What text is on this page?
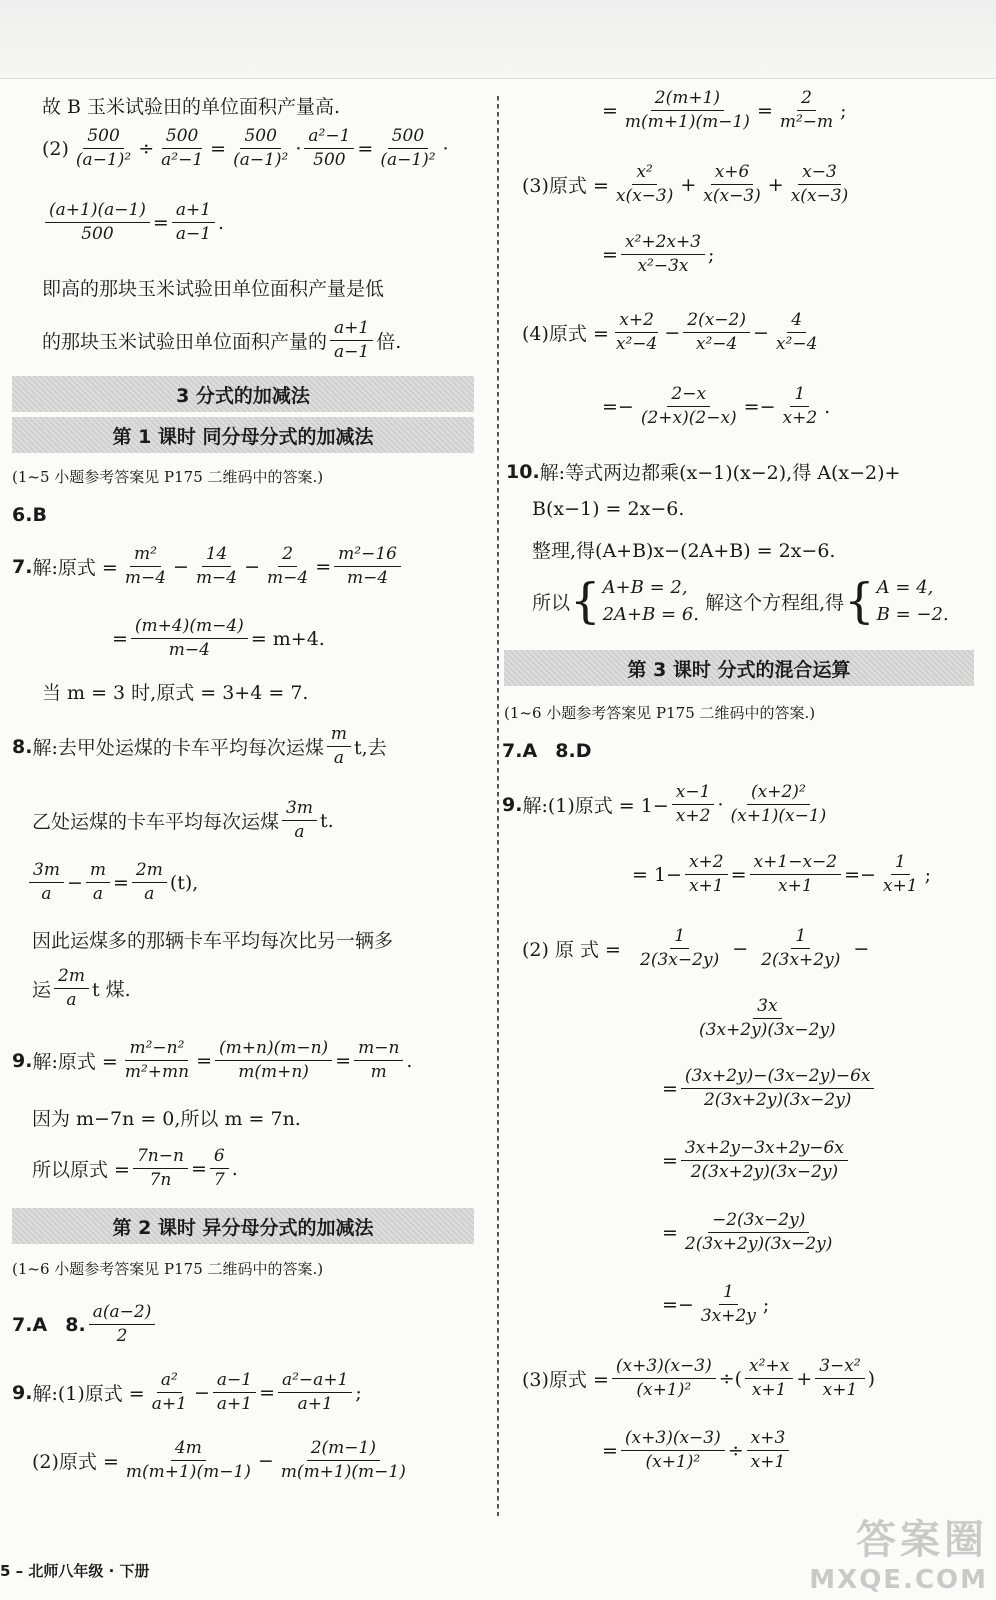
故 B 玉米试验田的单位面积产量高.
$(2) \frac{500}{\text{(a−1)²}} \div \frac{500}{\text{a²−1}} = \frac{500}{\text{(a−1)²}} \cdot \frac{\text{a²−1}}{500} = \frac{500}{\text{(a−1)²}}$ ·
$\frac{(a+1)(a-1)}{500} = \frac{a+1}{a-1}$ .
即高的那块玉米试验田单位面积产量是低
的那块玉米试验田单位面积产量的 $\frac{a+1}{a-1}$ 倍.
3 分式的加减法
第 1 课时 同分母分式的加减法
(1~5 小题参考答案见 P175 二维码中的答案.)
6.B
7. 解:原式 = $\frac{\text{m²}}{m-4} - \frac{14}{m-4} - \frac{2}{m-4} = \frac{\text{m²−16}}{m-4}$
= $\frac{(m+4)(m-4)}{m-4} = m+4$.
当 m = 3 时,原式 = 3+4 = 7.
8. 解:去甲处运煤的卡车平均每次运煤 $\frac{m}{a} t$,去
乙处运煤的卡车平均每次运煤 $\frac{3m}{a} t$.
$\frac{3m}{a} - \frac{m}{a} = \frac{2m}{a} (t)$,
因此运煤多的那辆卡车平均每次比另一辆多
运 $\frac{2m}{a}$ t 煤.
9. 解:原式 = $\frac{\text{m²−n²}}{\text{m²+mn}} = \frac{(m+n)(m-n)}{m(m+n)} = \frac{m-n}{m}$ .
因为 m−7n = 0,所以 m = 7n.
所以原式 = $\frac{7n-n}{7n} = \frac{6}{7}$ .
第 2 课时 异分母分式的加减法
(1~6 小题参考答案见 P175 二维码中的答案.)
7.A
8. $\frac{a(a-2)}{2}$
9. 解:(1)原式 = $\frac{\text{a²}}{a+1} - \frac{a-1}{a+1} = \frac{\text{a²−a+1}}{a+1}$ ;
(2)原式 = $\frac{4m}{m(m+1)(m-1)} - \frac{2(m-1)}{m(m+1)(m-1)}$
= $\frac{2(m+1)}{m(m+1)(m-1)} = \frac{2}{\text{m²−m}}$ ;
(3)原式 = $\frac{\text{x²}}{x(x-3)} + \frac{x+6}{x(x-3)} + \frac{x-3}{x(x-3)}$
= $\frac{\text{x²+2x+3}}{\text{x²−3x}}$ ;
(4)原式 = $\frac{x+2}{\text{x²−4}} - \frac{2(x-2)}{\text{x²−4}} - \frac{4}{\text{x²−4}}$
=− $\frac{2-x}{(2+x)(2-x)} =- \frac{1}{x+2}$ .
10. 解:等式两边都乘(x−1)(x−2),得 A(x−2)+
B(x−1) = 2x−6.
整理,得(A+B)x−(2A+B) = 2x−6.
所以 { A+B = 2,
2A+B = 6.

解这个方程组,得 { A = 4,
B = −2.
第 3 课时 分式的混合运算
(1~6 小题参考答案见 P175 二维码中的答案.)
7.A
8.D
9. 解:(1)原式 = $1- \frac{x-1}{x+2} \cdot \frac{\text{(x+2)²}}{(x+1)(x-1)}$
= $1- \frac{x+2}{x+1} = \frac{x+1-x-2}{x+1} =- \frac{1}{x+1}$ ;
(2) 原 式 =
$\frac{1}{2(3x-2y)} - \frac{1}{2(3x+2y)}$ −
$\frac{3x}{(3x+2y)(3x-2y)}$
= $\frac{(3x+2y)-(3x-2y)-6x}{2(3x+2y)(3x-2y)}$
= $\frac{3x+2y-3x+2y-6x}{2(3x+2y)(3x-2y)}$
= $\frac{-2(3x-2y)}{2(3x+2y)(3x-2y)}$
=− $\frac{1}{3x+2y}$ ;
(3)原式 = $\frac{(x+3)(x-3)}{\text{(x+1)²}}$ ÷( $\frac{\text{x²+x}}{x+1} + \frac{\text{3−x²}}{x+1}$ )
= $\frac{(x+3)(x-3)}{\text{(x+1)²}} \div \frac{x+3}{x+1}$
5 – 北师八年级 · 下册
答案圈
MXQE.COM
